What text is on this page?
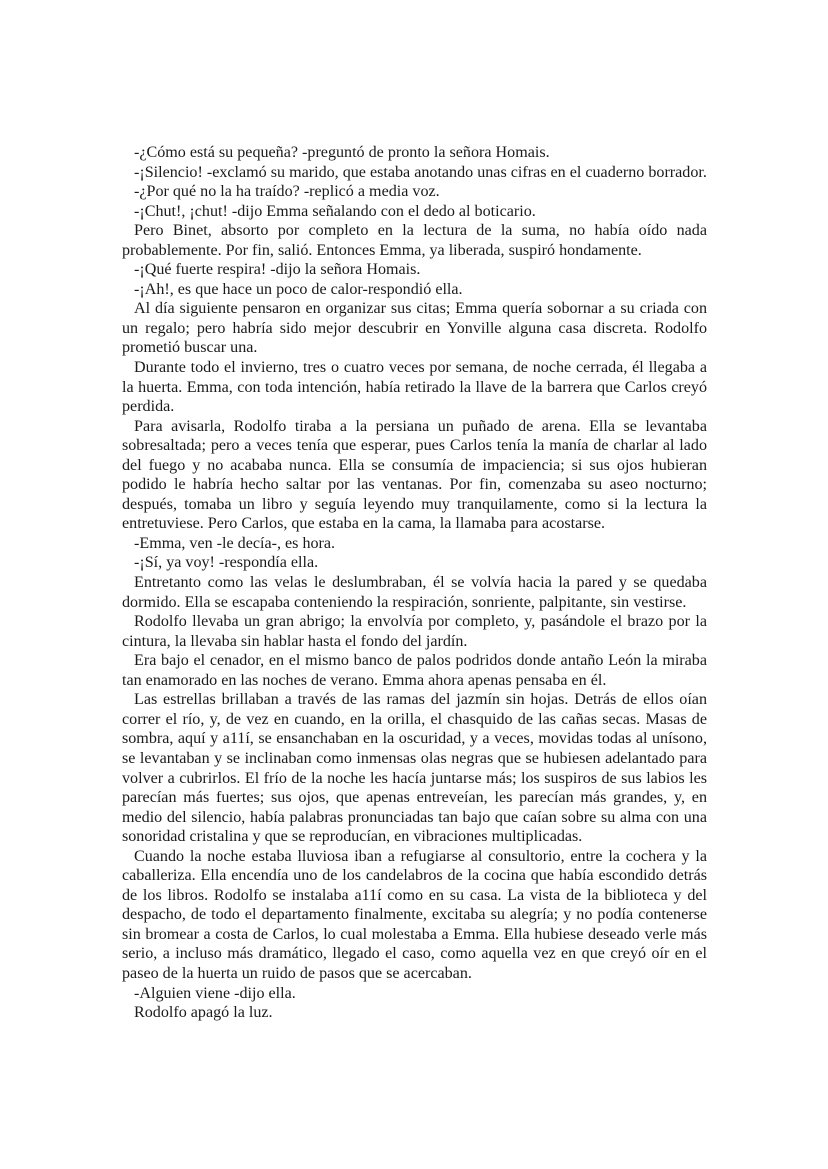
-¿Cómo está su pequeña? -preguntó de pronto la señora Homais.

-¡Silencio! -exclamó su marido, que estaba anotando unas cifras en el cuaderno borrador.

-¿Por qué no la ha traído? -replicó a media voz.

-¡Chut!, ¡chut! -dijo Emma señalando con el dedo al boticario.

Pero Binet, absorto por completo en la lectura de la suma, no había oído nada probablemente. Por fin, salió. Entonces Emma, ya liberada, suspiró hondamente.

-¡Qué fuerte respira! -dijo la señora Homais.

-¡Ah!, es que hace un poco de calor-respondió ella.

Al día siguiente pensaron en organizar sus citas; Emma quería sobornar a su criada con un regalo; pero habría sido mejor descubrir en Yonville alguna casa discreta. Rodolfo prometió buscar una.

Durante todo el invierno, tres o cuatro veces por semana, de noche cerrada, él llegaba a la huerta. Emma, con toda intención, había retirado la llave de la barrera que Carlos creyó perdida.

Para avisarla, Rodolfo tiraba a la persiana un puñado de arena. Ella se levantaba sobresaltada; pero a veces tenía que esperar, pues Carlos tenía la manía de charlar al lado del fuego y no acababa nunca. Ella se consumía de impaciencia; si sus ojos hubieran podido le habría hecho saltar por las ventanas. Por fin, comenzaba su aseo nocturno; después, tomaba un libro y seguía leyendo muy tranquilamente, como si la lectura la entretuviese. Pero Carlos, que estaba en la cama, la llamaba para acostarse.

-Emma, ven -le decía-, es hora.

-¡Sí, ya voy! -respondía ella.

Entretanto como las velas le deslumbraban, él se volvía hacia la pared y se quedaba dormido. Ella se escapaba conteniendo la respiración, sonriente, palpitante, sin vestirse.

Rodolfo llevaba un gran abrigo; la envolvía por completo, y, pasándole el brazo por la cintura, la llevaba sin hablar hasta el fondo del jardín.

Era bajo el cenador, en el mismo banco de palos podridos donde antaño León la miraba tan enamorado en las noches de verano. Emma ahora apenas pensaba en él.

Las estrellas brillaban a través de las ramas del jazmín sin hojas. Detrás de ellos oían correr el río, y, de vez en cuando, en la orilla, el chasquido de las cañas secas. Masas de sombra, aquí y a11í, se ensanchaban en la oscuridad, y a veces, movidas todas al unísono, se levantaban y se inclinaban como inmensas olas negras que se hubiesen adelantado para volver a cubrirlos. El frío de la noche les hacía juntarse más; los suspiros de sus labios les parecían más fuertes; sus ojos, que apenas entreveían, les parecían más grandes, y, en medio del silencio, había palabras pronunciadas tan bajo que caían sobre su alma con una sonoridad cristalina y que se reproducían, en vibraciones multiplicadas.

Cuando la noche estaba lluviosa iban a refugiarse al consultorio, entre la cochera y la caballeriza. Ella encendía uno de los candelabros de la cocina que había escondido detrás de los libros. Rodolfo se instalaba a11í como en su casa. La vista de la biblioteca y del despacho, de todo el departamento finalmente, excitaba su alegría; y no podía contenerse sin bromear a costa de Carlos, lo cual molestaba a Emma. Ella hubiese deseado verle más serio, a incluso más dramático, llegado el caso, como aquella vez en que creyó oír en el paseo de la huerta un ruido de pasos que se acercaban.

-Alguien viene -dijo ella.

Rodolfo apagó la luz.
